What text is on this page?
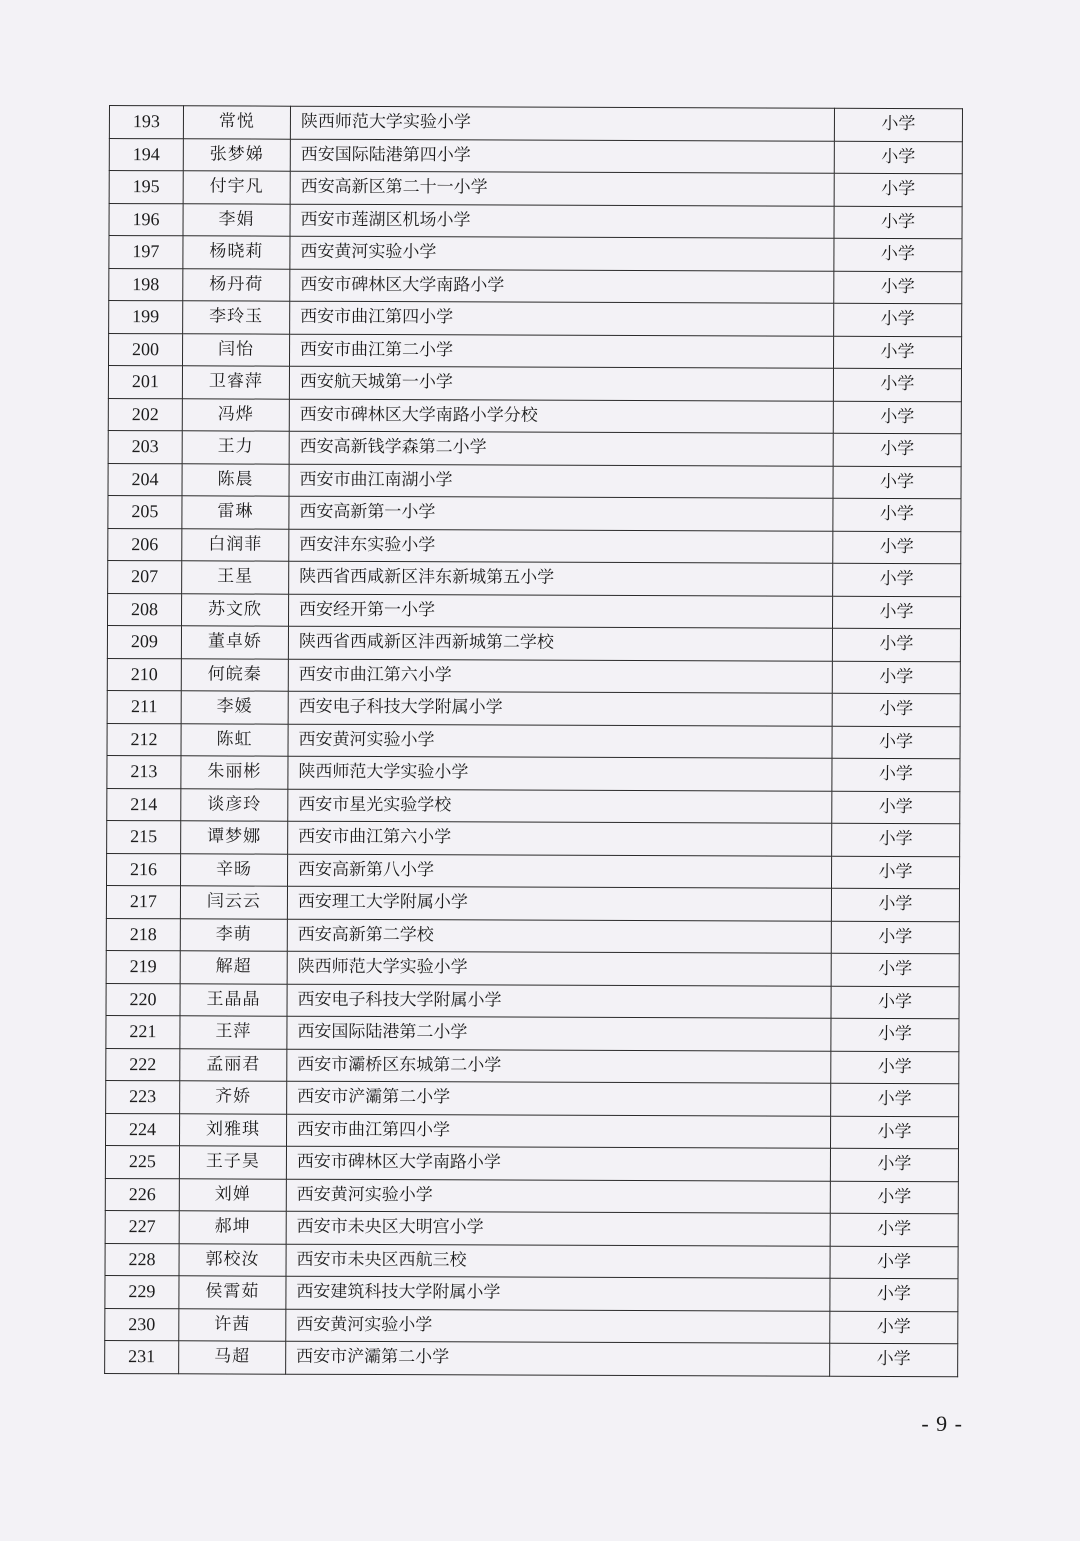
193	常悦	陕西师范大学实验小学	小学
194	张梦娣	西安国际陆港第四小学	小学
195	付宇凡	西安高新区第二十一小学	小学
196	李娟	西安市莲湖区机场小学	小学
197	杨晓莉	西安黄河实验小学	小学
198	杨丹荷	西安市碑林区大学南路小学	小学
199	李玲玉	西安市曲江第四小学	小学
200	闫怡	西安市曲江第二小学	小学
201	卫睿萍	西安航天城第一小学	小学
202	冯烨	西安市碑林区大学南路小学分校	小学
203	王力	西安高新钱学森第二小学	小学
204	陈晨	西安市曲江南湖小学	小学
205	雷琳	西安高新第一小学	小学
206	白润菲	西安沣东实验小学	小学
207	王星	陕西省西咸新区沣东新城第五小学	小学
208	苏文欣	西安经开第一小学	小学
209	董卓娇	陕西省西咸新区沣西新城第二学校	小学
210	何皖秦	西安市曲江第六小学	小学
211	李媛	西安电子科技大学附属小学	小学
212	陈虹	西安黄河实验小学	小学
213	朱丽彬	陕西师范大学实验小学	小学
214	谈彦玲	西安市星光实验学校	小学
215	谭梦娜	西安市曲江第六小学	小学
216	辛旸	西安高新第八小学	小学
217	闫云云	西安理工大学附属小学	小学
218	李萌	西安高新第二学校	小学
219	解超	陕西师范大学实验小学	小学
220	王晶晶	西安电子科技大学附属小学	小学
221	王萍	西安国际陆港第二小学	小学
222	孟丽君	西安市灞桥区东城第二小学	小学
223	齐娇	西安市浐灞第二小学	小学
224	刘雅琪	西安市曲江第四小学	小学
225	王子昊	西安市碑林区大学南路小学	小学
226	刘婵	西安黄河实验小学	小学
227	郝坤	西安市未央区大明宫小学	小学
228	郭校汝	西安市未央区西航三校	小学
229	侯霄茹	西安建筑科技大学附属小学	小学
230	许茜	西安黄河实验小学	小学
231	马超	西安市浐灞第二小学	小学
- 9 -
